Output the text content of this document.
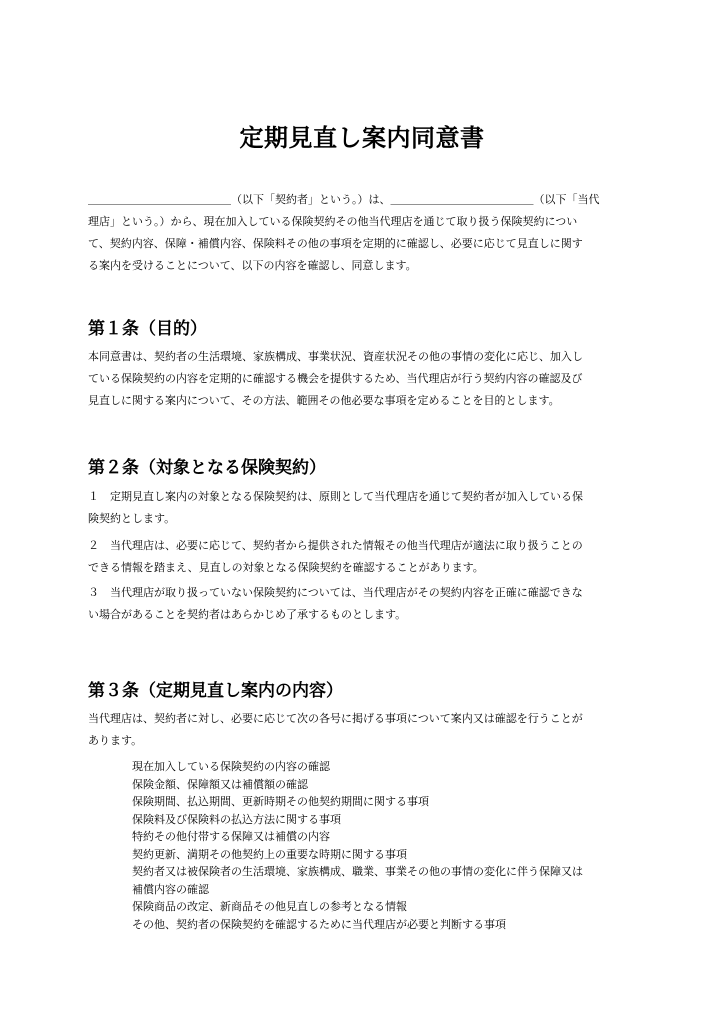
定期見直し案内同意書
＿＿＿＿＿＿＿＿＿＿＿＿＿（以下「契約者」という。）は、＿＿＿＿＿＿＿＿＿＿＿＿＿（以下「当代
理店」という。）から、現在加入している保険契約その他当代理店を通じて取り扱う保険契約につい
て、契約内容、保障・補償内容、保険料その他の事項を定期的に確認し、必要に応じて見直しに関す
る案内を受けることについて、以下の内容を確認し、同意します。
第１条（目的）
本同意書は、契約者の生活環境、家族構成、事業状況、資産状況その他の事情の変化に応じ、加入し
ている保険契約の内容を定期的に確認する機会を提供するため、当代理店が行う契約内容の確認及び
見直しに関する案内について、その方法、範囲その他必要な事項を定めることを目的とします。
第２条（対象となる保険契約）
１　定期見直し案内の対象となる保険契約は、原則として当代理店を通じて契約者が加入している保
険契約とします。
２　当代理店は、必要に応じて、契約者から提供された情報その他当代理店が適法に取り扱うことの
できる情報を踏まえ、見直しの対象となる保険契約を確認することがあります。
３　当代理店が取り扱っていない保険契約については、当代理店がその契約内容を正確に確認できな
い場合があることを契約者はあらかじめ了承するものとします。
第３条（定期見直し案内の内容）
当代理店は、契約者に対し、必要に応じて次の各号に掲げる事項について案内又は確認を行うことが
あります。
現在加入している保険契約の内容の確認
保険金額、保障額又は補償額の確認
保険期間、払込期間、更新時期その他契約期間に関する事項
保険料及び保険料の払込方法に関する事項
特約その他付帯する保障又は補償の内容
契約更新、満期その他契約上の重要な時期に関する事項
契約者又は被保険者の生活環境、家族構成、職業、事業その他の事情の変化に伴う保障又は
補償内容の確認
保険商品の改定、新商品その他見直しの参考となる情報
その他、契約者の保険契約を確認するために当代理店が必要と判断する事項
